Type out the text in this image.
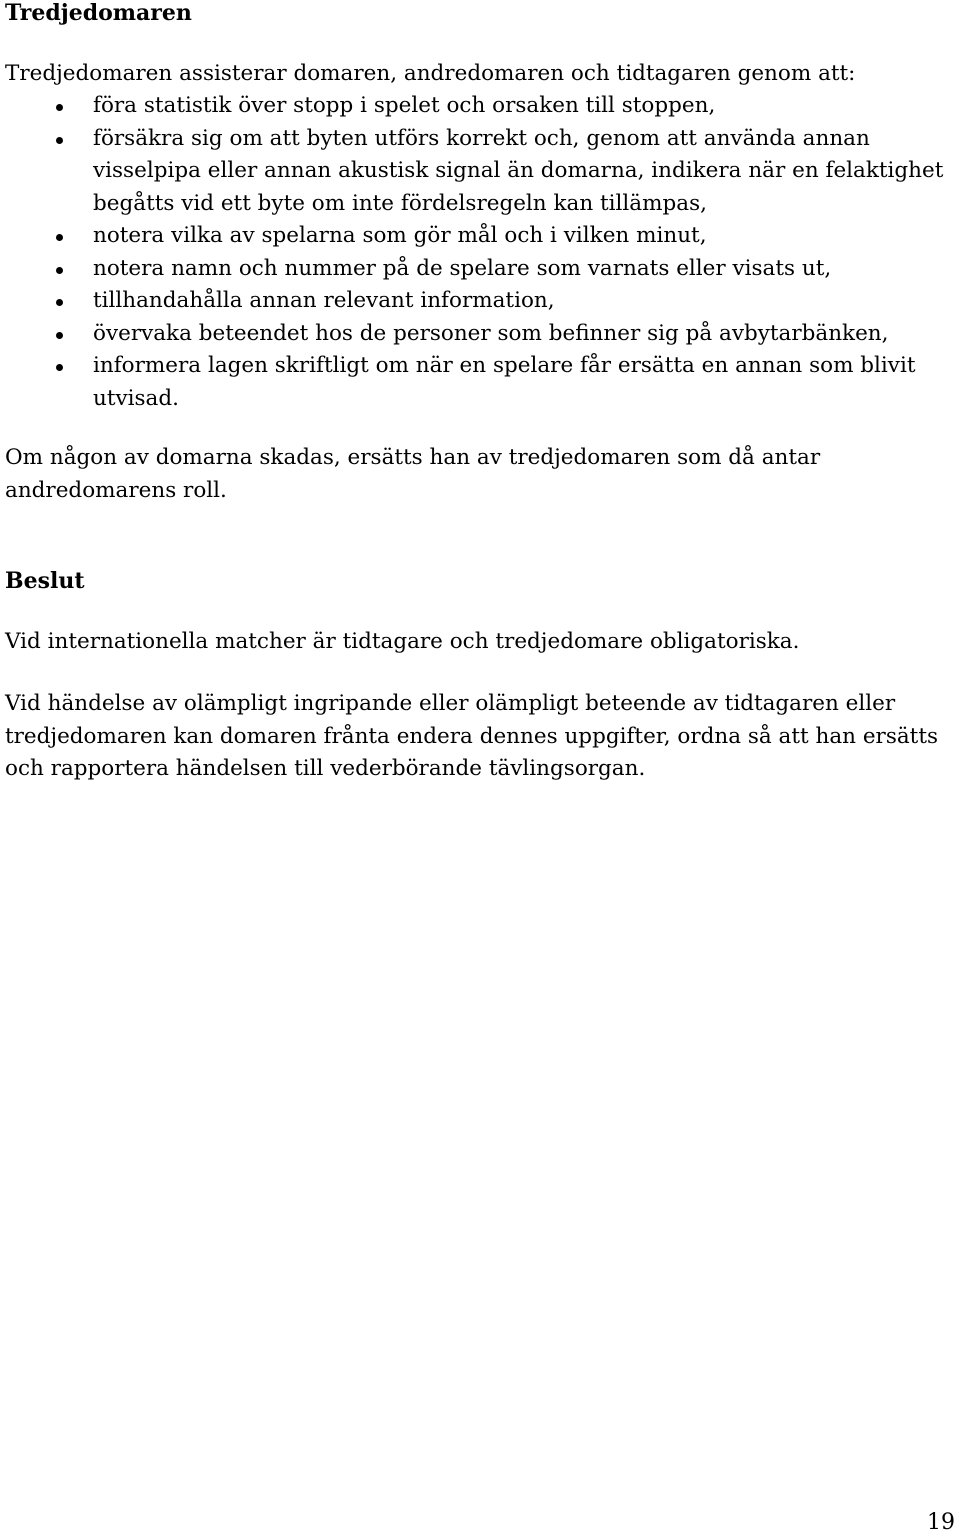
Tredjedomaren

Tredjedomaren assisterar domaren, andredomaren och tidtagaren genom att:

föra statistik över stopp i spelet och orsaken till stoppen,
försäkra sig om att byten utförs korrekt och, genom att använda annan visselpipa eller annan akustisk signal än domarna, indikera när en felaktighet begåtts vid ett byte om inte fördelsregeln kan tillämpas,
notera vilka av spelarna som gör mål och i vilken minut,
notera namn och nummer på de spelare som varnats eller visats ut,
tillhandahålla annan relevant information,
övervaka beteendet hos de personer som befinner sig på avbytarbänken,
informera lagen skriftligt om när en spelare får ersätta en annan som blivit utvisad.

Om någon av domarna skadas, ersätts han av tredjedomaren som då antar andredomarens roll.

Beslut

Vid internationella matcher är tidtagare och tredjedomare obligatoriska.

Vid händelse av olämpligt ingripande eller olämpligt beteende av tidtagaren eller tredjedomaren kan domaren frånta endera dennes uppgifter, ordna så att han ersätts och rapportera händelsen till vederbörande tävlingsorgan.

19
